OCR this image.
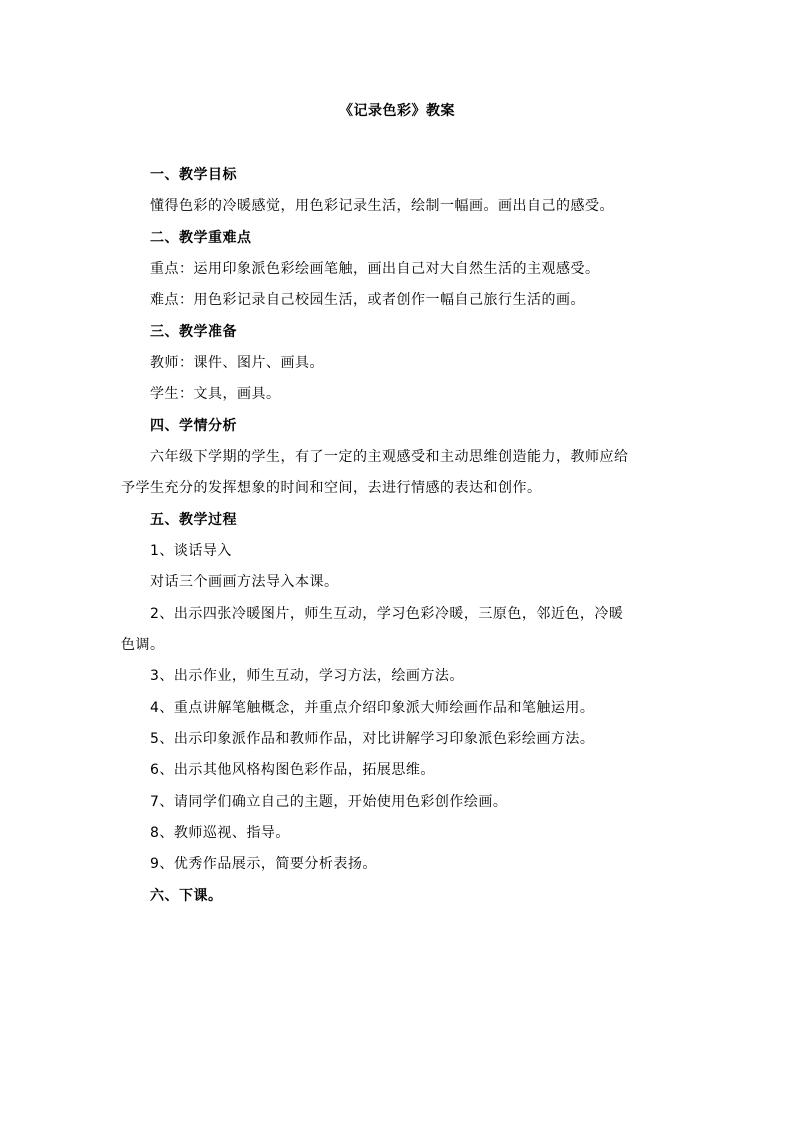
《记录色彩》教案
一、教学目标
懂得色彩的冷暖感觉，用色彩记录生活，绘制一幅画。画出自己的感受。
二、教学重难点
重点：运用印象派色彩绘画笔触，画出自己对大自然生活的主观感受。
难点：用色彩记录自己校园生活，或者创作一幅自己旅行生活的画。
三、教学准备
教师：课件、图片、画具。
学生：文具，画具。
四、学情分析
六年级下学期的学生，有了一定的主观感受和主动思维创造能力，教师应给
予学生充分的发挥想象的时间和空间，去进行情感的表达和创作。
五、教学过程
1、谈话导入
对话三个画画方法导入本课。
2、出示四张冷暖图片，师生互动，学习色彩冷暖，三原色，邻近色，冷暖
色调。
3、出示作业，师生互动，学习方法，绘画方法。
4、重点讲解笔触概念，并重点介绍印象派大师绘画作品和笔触运用。
5、出示印象派作品和教师作品，对比讲解学习印象派色彩绘画方法。
6、出示其他风格构图色彩作品，拓展思维。
7、请同学们确立自己的主题，开始使用色彩创作绘画。
8、教师巡视、指导。
9、优秀作品展示，简要分析表扬。
六、下课。
